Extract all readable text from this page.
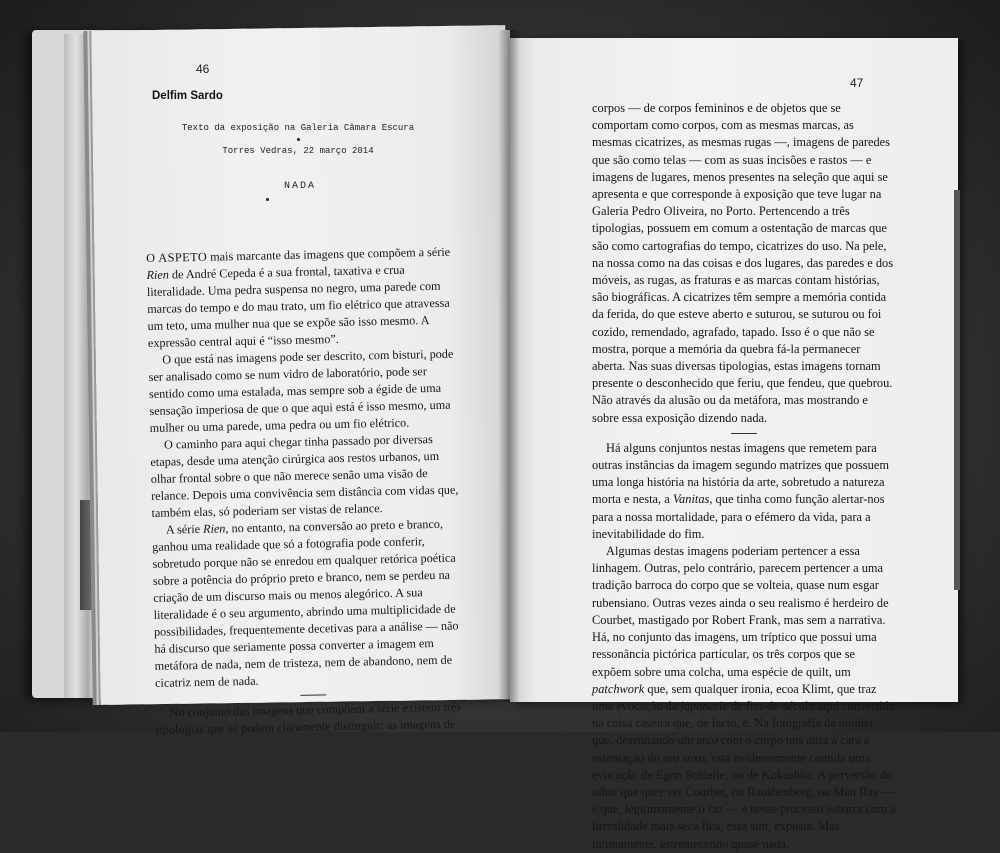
46
Delfim Sardo
Texto da exposição na Galeria Câmara Escura
Torres Vedras, 22 março 2014
NADA

O ASPETO mais marcante das imagens que compõem a série Rien de André Cepeda é a sua frontal, taxativa e crua literalidade. Uma pedra suspensa no negro, uma parede com marcas do tempo e do mau trato, um fio elétrico que atravessa um teto, uma mulher nua que se expõe são isso mesmo. A expressão central aqui é “isso mesmo”.

O que está nas imagens pode ser descrito, com bisturi, pode ser analisado como se num vidro de laboratório, pode ser sentido como uma estalada, mas sempre sob a égide de uma sensação imperiosa de que o que aqui está é isso mesmo, uma mulher ou uma parede, uma pedra ou um fio elétrico.

O caminho para aqui chegar tinha passado por diversas etapas, desde uma atenção cirúrgica aos restos urbanos, um olhar frontal sobre o que não merece senão uma visão de relance. Depois uma convivência sem distância com vidas que, também elas, só poderiam ser vistas de relance.

A série Rien, no entanto, na conversão ao preto e branco, ganhou uma realidade que só a fotografia pode conferir, sobretudo porque não se enredou em qualquer retórica poética sobre a potência do próprio preto e branco, nem se perdeu na criação de um discurso mais ou menos alegórico. A sua literalidade é o seu argumento, abrindo uma multiplicidade de possibilidades, frequentemente decetivas para a análise — não há discurso que seriamente possa converter a imagem em metáfora de nada, nem de tristeza, nem de abandono, nem de cicatriz nem de nada.

No conjunto das imagens que compõem a série existem três tipologias que se podem claramente distinguir: as imagens de

47

corpos — de corpos femininos e de objetos que se comportam como corpos, com as mesmas marcas, as mesmas cicatrizes, as mesmas rugas —, imagens de paredes que são como telas — com as suas incisões e rastos — e imagens de lugares, menos presentes na seleção que aqui se apresenta e que corresponde à exposição que teve lugar na Galeria Pedro Oliveira, no Porto. Pertencendo a três tipologias, possuem em comum a ostentação de marcas que são como cartografias do tempo, cicatrizes do uso. Na pele, na nossa como na das coisas e dos lugares, das paredes e dos móveis, as rugas, as fraturas e as marcas contam histórias, são biográficas. A cicatrizes têm sempre a memória contida da ferida, do que esteve aberto e suturou, se suturou ou foi cozido, remendado, agrafado, tapado. Isso é o que não se mostra, porque a memória da quebra fá-la permanecer aberta. Nas suas diversas tipologias, estas imagens tornam presente o desconhecido que feriu, que fendeu, que quebrou. Não através da alusão ou da metáfora, mas mostrando e sobre essa exposição dizendo nada.

Há alguns conjuntos nestas imagens que remetem para outras instâncias da imagem segundo matrizes que possuem uma longa história na história da arte, sobretudo a natureza morta e nesta, a Vanitas, que tinha como função alertar-nos para a nossa mortalidade, para o efémero da vida, para a inevitabilidade do fim.

Algumas destas imagens poderiam pertencer a essa linhagem. Outras, pelo contrário, parecem pertencer a uma tradição barroca do corpo que se volteia, quase num esgar rubensiano. Outras vezes ainda o seu realismo é herdeiro de Courbet, mastigado por Robert Frank, mas sem a narrativa. Há, no conjunto das imagens, um tríptico que possui uma ressonância pictórica particular, os três corpos que se expõem sobre uma colcha, uma espécie de quilt, um patchwork que, sem qualquer ironia, ecoa Klimt, que traz uma evocação da japonerie de fim-de-século aqui convertida na coisa caseira que, de facto, é. Na fotografia da mulher que, desenhando um arco com o corpo nos atira à cara a ostentação do seu sexo, está evidentemente contida uma evocação de Egon Schielle, ou de Kokoshka. A perversão do olhar que quer ver Courbet, ou Raushenberg, ou Man Ray — e que, legitimamente o faz — e nesse processo esbarra com a literalidade mais seca fica, essa sim, exposta. Mas intimamente, estremecendo quase nada.
